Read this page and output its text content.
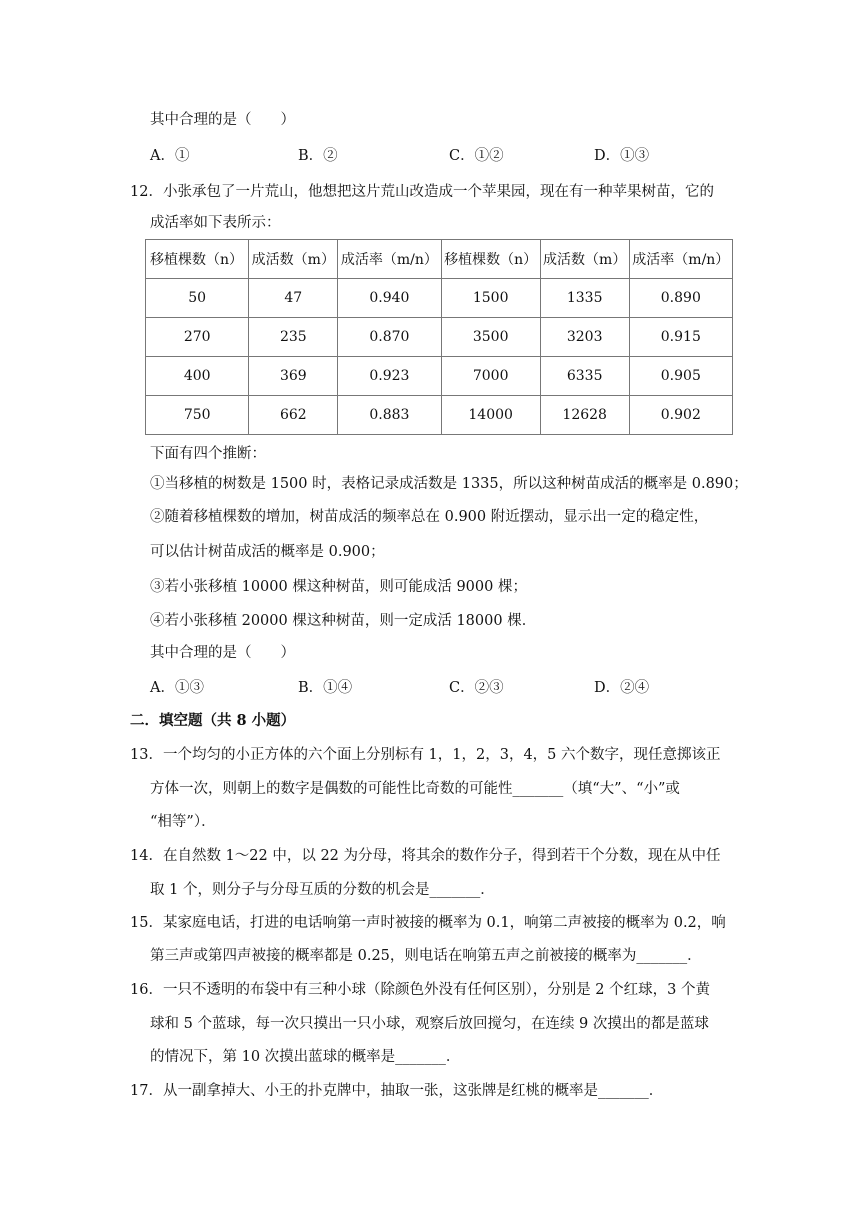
其中合理的是（　　）
A．①	B．②	C．①②	D．①③
12．小张承包了一片荒山，他想把这片荒山改造成一个苹果园，现在有一种苹果树苗，它的
成活率如下表所示：
移植棵数（n）	成活数（m）	成活率（m/n）	移植棵数（n）	成活数（m）	成活率（m/n）
50	47	0.940	1500	1335	0.890
270	235	0.870	3500	3203	0.915
400	369	0.923	7000	6335	0.905
750	662	0.883	14000	12628	0.902
下面有四个推断：
①当移植的树数是 1500 时，表格记录成活数是 1335，所以这种树苗成活的概率是 0.890；
②随着移植棵数的增加，树苗成活的频率总在 0.900 附近摆动，显示出一定的稳定性，
可以估计树苗成活的概率是 0.900；
③若小张移植 10000 棵这种树苗，则可能成活 9000 棵；
④若小张移植 20000 棵这种树苗，则一定成活 18000 棵．
其中合理的是（　　）
A．①③	B．①④	C．②③	D．②④
二．填空题（共 8 小题）
13．一个均匀的小正方体的六个面上分别标有 1，1，2，3，4，5 六个数字，现任意掷该正
方体一次，则朝上的数字是偶数的可能性比奇数的可能性_______（填“大”、“小”或
“相等”）．
14．在自然数 1～22 中，以 22 为分母，将其余的数作分子，得到若干个分数，现在从中任
取 1 个，则分子与分母互质的分数的机会是_______．
15．某家庭电话，打进的电话响第一声时被接的概率为 0.1，响第二声被接的概率为 0.2，响
第三声或第四声被接的概率都是 0.25，则电话在响第五声之前被接的概率为_______．
16．一只不透明的布袋中有三种小球（除颜色外没有任何区别），分别是 2 个红球，3 个黄
球和 5 个蓝球，每一次只摸出一只小球，观察后放回搅匀，在连续 9 次摸出的都是蓝球
的情况下，第 10 次摸出蓝球的概率是_______．
17．从一副拿掉大、小王的扑克牌中，抽取一张，这张牌是红桃的概率是_______．
